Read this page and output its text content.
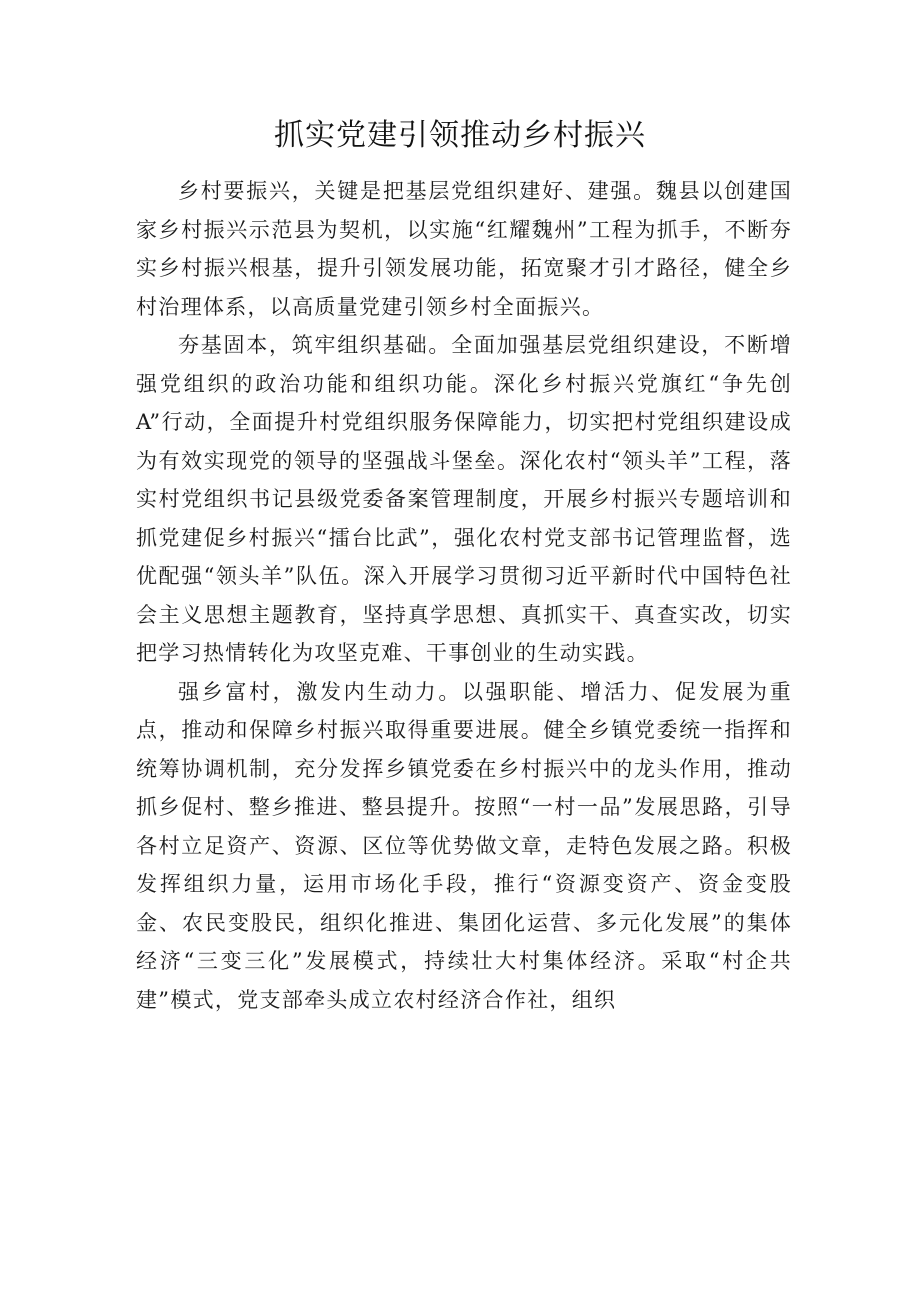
抓实党建引领推动乡村振兴

乡村要振兴，关键是把基层党组织建好、建强。魏县以创建国家乡村振兴示范县为契机，以实施“红耀魏州”工程为抓手，不断夯实乡村振兴根基，提升引领发展功能，拓宽聚才引才路径，健全乡村治理体系，以高质量党建引领乡村全面振兴。

夯基固本，筑牢组织基础。全面加强基层党组织建设，不断增强党组织的政治功能和组织功能。深化乡村振兴党旗红“争先创A”行动，全面提升村党组织服务保障能力，切实把村党组织建设成为有效实现党的领导的坚强战斗堡垒。深化农村“领头羊”工程，落实村党组织书记县级党委备案管理制度，开展乡村振兴专题培训和抓党建促乡村振兴“擂台比武”，强化农村党支部书记管理监督，选优配强“领头羊”队伍。深入开展学习贯彻习近平新时代中国特色社会主义思想主题教育，坚持真学思想、真抓实干、真查实改，切实把学习热情转化为攻坚克难、干事创业的生动实践。

强乡富村，激发内生动力。以强职能、增活力、促发展为重点，推动和保障乡村振兴取得重要进展。健全乡镇党委统一指挥和统筹协调机制，充分发挥乡镇党委在乡村振兴中的龙头作用，推动抓乡促村、整乡推进、整县提升。按照“一村一品”发展思路，引导各村立足资产、资源、区位等优势做文章，走特色发展之路。积极发挥组织力量，运用市场化手段，推行“资源变资产、资金变股金、农民变股民，组织化推进、集团化运营、多元化发展”的集体经济“三变三化”发展模式，持续壮大村集体经济。采取“村企共建”模式，党支部牵头成立农村经济合作社，组织
